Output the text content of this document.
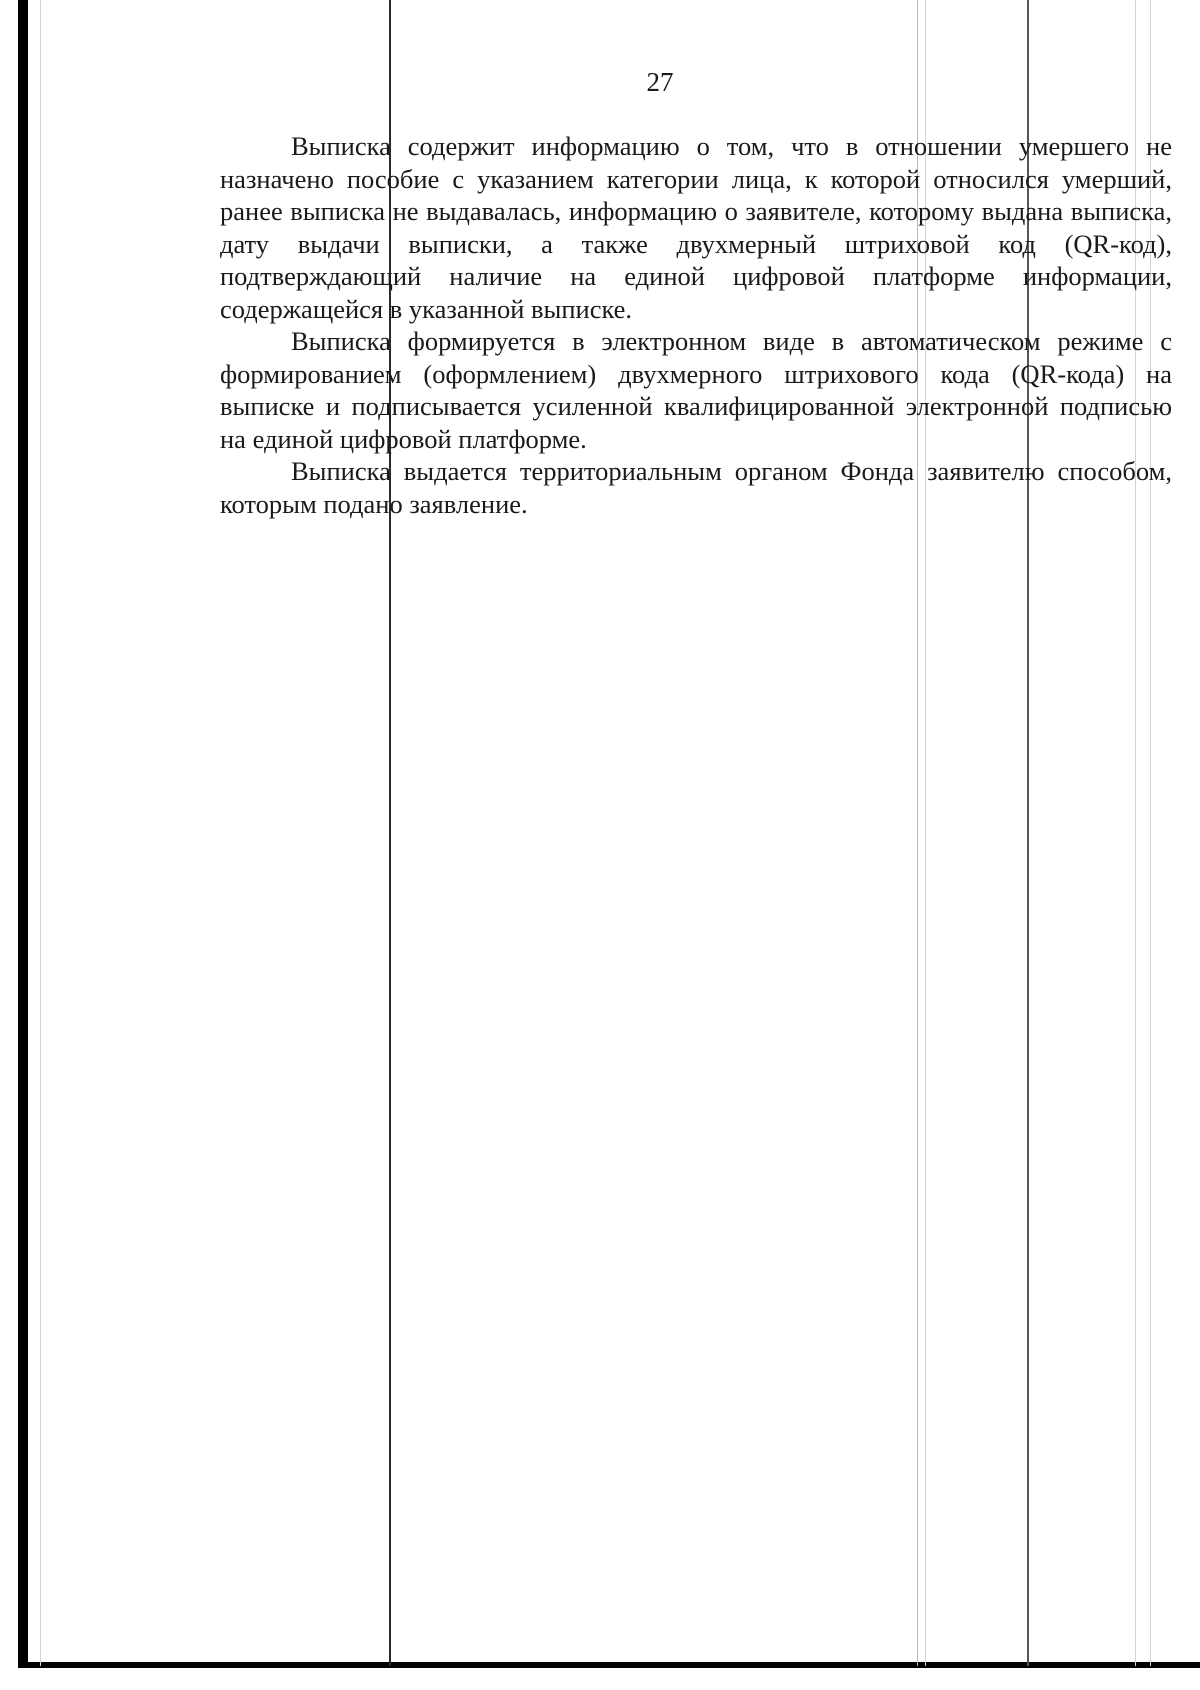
27

Выписка содержит информацию о том, что в отношении умершего не назначено пособие с указанием категории лица, к которой относился умерший, ранее выписка не выдавалась, информацию о заявителе, которому выдана выписка, дату выдачи выписки, а также двухмерный штриховой код (QR-код), подтверждающий наличие на единой цифровой платформе информации, содержащейся в указанной выписке.

Выписка формируется в электронном виде в автоматическом режиме с формированием (оформлением) двухмерного штрихового кода (QR-кода) на выписке и подписывается усиленной квалифицированной электронной подписью на единой цифровой платформе.

Выписка выдается территориальным органом Фонда заявителю способом, которым подано заявление.
